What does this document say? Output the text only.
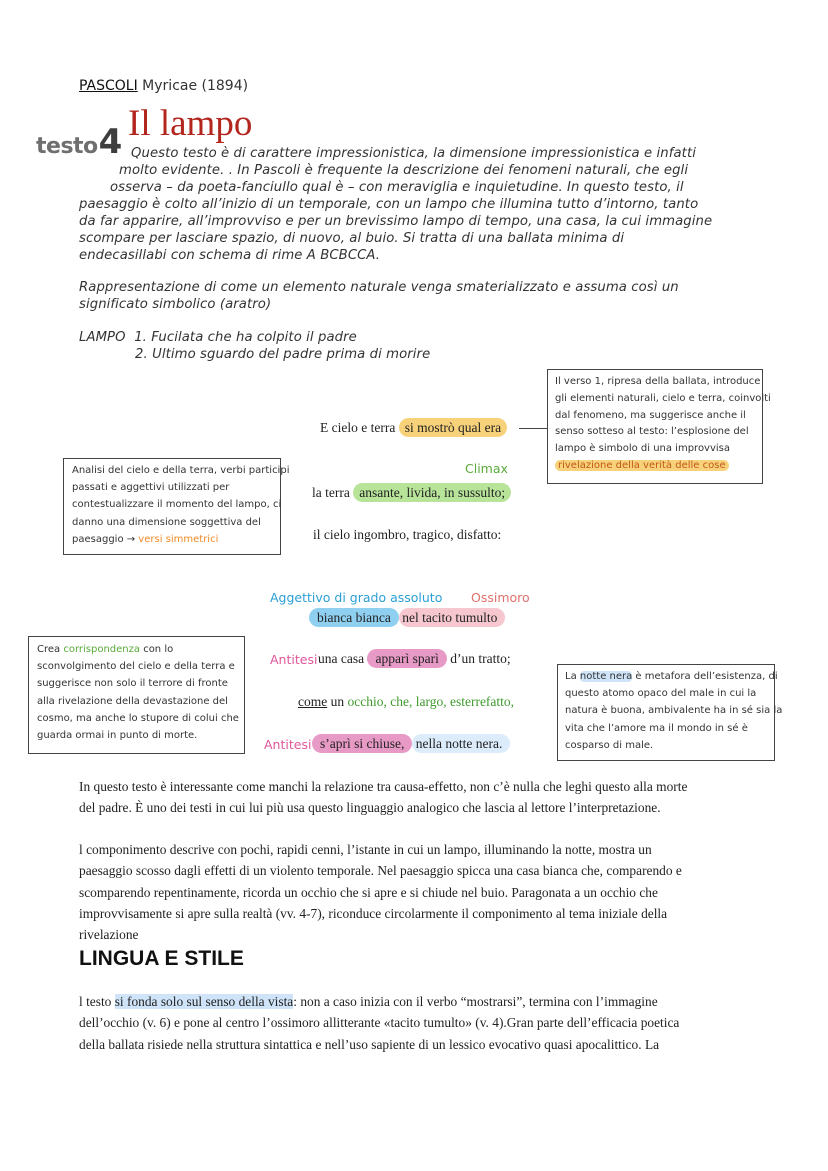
PASCOLI Myricae (1894)
testo4 Il lampo
Questo testo è di carattere impressionistica, la dimensione impressionistica e infatti
molto evidente. . In Pascoli è frequente la descrizione dei fenomeni naturali, che egli
osserva – da poeta-fanciullo qual è – con meraviglia e inquietudine. In questo testo, il
paesaggio è colto all’inizio di un temporale, con un lampo che illumina tutto d’intorno, tanto
da far apparire, all’improvviso e per un brevissimo lampo di tempo, una casa, la cui immagine
scompare per lasciare spazio, di nuovo, al buio. Si tratta di una ballata minima di
endecasillabi con schema di rime A BCBCCA.
Rappresentazione di come un elemento naturale venga smaterializzato e assuma così un
significato simbolico (aratro)
LAMPO 1. Fucilata che ha colpito il padre
2. Ultimo sguardo del padre prima di morire
Il verso 1, ripresa della ballata, introduce
gli elementi naturali, cielo e terra, coinvolti
dal fenomeno, ma suggerisce anche il
senso sotteso al testo: l’esplosione del
lampo è simbolo di una improvvisa
rivelazione della verità delle cose
E cielo e terra si mostrò qual era
Analisi del cielo e della terra, verbi participi
passati e aggettivi utilizzati per
contestualizzare il momento del lampo, ci
danno una dimensione soggettiva del
paesaggio → versi simmetrici
Climax
la terra ansante, livida, in sussulto;
il cielo ingombro, tragico, disfatto:
Aggettivo di grado assoluto Ossimoro
bianca bianca nel tacito tumulto
Crea corrispondenza con lo
sconvolgimento del cielo e della terra e
suggerisce non solo il terrore di fronte
alla rivelazione della devastazione del
cosmo, ma anche lo stupore di colui che
guarda ormai in punto di morte.
Antitesi una casa apparì sparì d’un tratto;
La notte nera è metafora dell’esistenza, di
questo atomo opaco del male in cui la
natura è buona, ambivalente ha in sé sia la
vita che l’amore ma il mondo in sé è
cosparso di male.
come un occhio, che, largo, esterrefatto,
Antitesi s’aprì si chiuse, nella notte nera.
In questo testo è interessante come manchi la relazione tra causa-effetto, non c’è nulla che leghi questo alla morte
del padre. È uno dei testi in cui lui più usa questo linguaggio analogico che lascia al lettore l’interpretazione.
l componimento descrive con pochi, rapidi cenni, l’istante in cui un lampo, illuminando la notte, mostra un
paesaggio scosso dagli effetti di un violento temporale. Nel paesaggio spicca una casa bianca che, comparendo e
scomparendo repentinamente, ricorda un occhio che si apre e si chiude nel buio. Paragonata a un occhio che
improvvisamente si apre sulla realtà (vv. 4-7), riconduce circolarmente il componimento al tema iniziale della
rivelazione
LINGUA E STILE
l testo si fonda solo sul senso della vista: non a caso inizia con il verbo “mostrarsi”, termina con l’immagine
dell’occhio (v. 6) e pone al centro l’ossimoro allitterante «tacito tumulto» (v. 4).Gran parte dell’efficacia poetica
della ballata risiede nella struttura sintattica e nell’uso sapiente di un lessico evocativo quasi apocalittico. La
